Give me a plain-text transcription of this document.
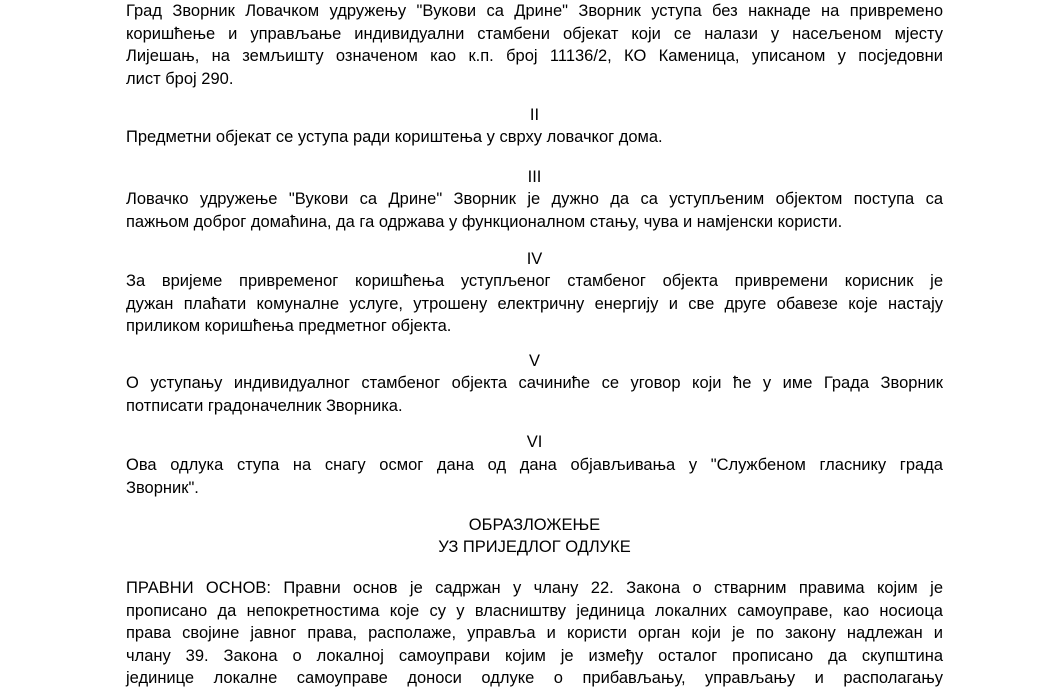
Град Зворник Ловачком удружењу "Вукови са Дрине" Зворник уступа без накнаде на привремено
коришћење и управљање индивидуални стамбени објекат који се налази у насељеном мјесту
Лијешањ, на земљишту означеном као к.п. број 11136/2, КО Каменица, уписаном у посједовни
лист број 290.
II
Предметни објекат се уступа ради кориштења у сврху ловачког дома.
III
Ловачко удружење "Вукови са Дрине" Зворник је дужно да са уступљеним објектом поступа са
пажњом доброг домаћина, да га одржава у функционалном стању, чува и намјенски користи.
IV
За вријеме привременог коришћења уступљеног стамбеног објекта привремени корисник је
дужан плаћати комуналне услуге, утрошену електричну енергију и све друге обавезе које настају
приликом коришћења предметног објекта.
V
О уступању индивидуалног стамбеног објекта сачиниће се уговор који ће у име Града Зворник
потписати градоначелник Зворника.
VI
Ова одлука ступа на снагу осмог дана од дана објављивања у "Службеном гласнику града
Зворник".
ОБРАЗЛОЖЕЊЕ
УЗ ПРИЈЕДЛОГ ОДЛУКЕ
ПРАВНИ ОСНОВ: Правни основ је садржан у члану 22. Закона о стварним правима којим је
прописано да непокретностима које су у власништву јединица локалних самоуправе, као носиоца
права својине јавног права, располаже, управља и користи орган који је по закону надлежан и
члану 39. Закона о локалној самоуправи којим је између осталог прописано да скупштина
јединице локалне самоуправе доноси одлуке о прибављању, управљању и располагању
